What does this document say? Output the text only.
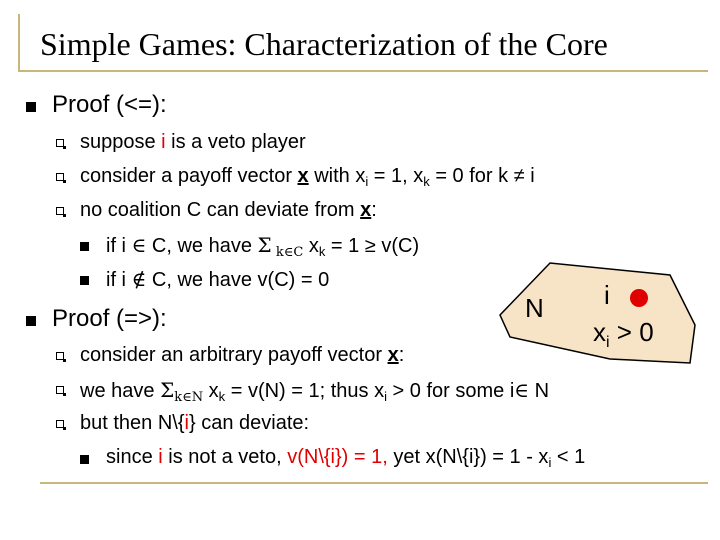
Simple Games: Characterization of the Core
Proof (<=):
suppose i is a veto player
consider a payoff vector x with $x_i = 1$, $x_k = 0$ for k ≠ i
no coalition C can deviate from x:
if i ∈ C, we have Σ $_{k\in C}$ $x_k = 1 \ge v(C)$
if i ∉ C, we have v(C) = 0
Proof (=>):
consider an arbitrary payoff vector x:
we have $\Sigma_{k\in N}$ $x_k = v(N) = 1$; thus $x_i > 0$ for some i∈ N
but then N\{i} can deviate:
since i is not a veto, v(N\{i}) = 1, yet x(N\{i}) = $1 - x_i < 1$
N i
$x_i > 0$
